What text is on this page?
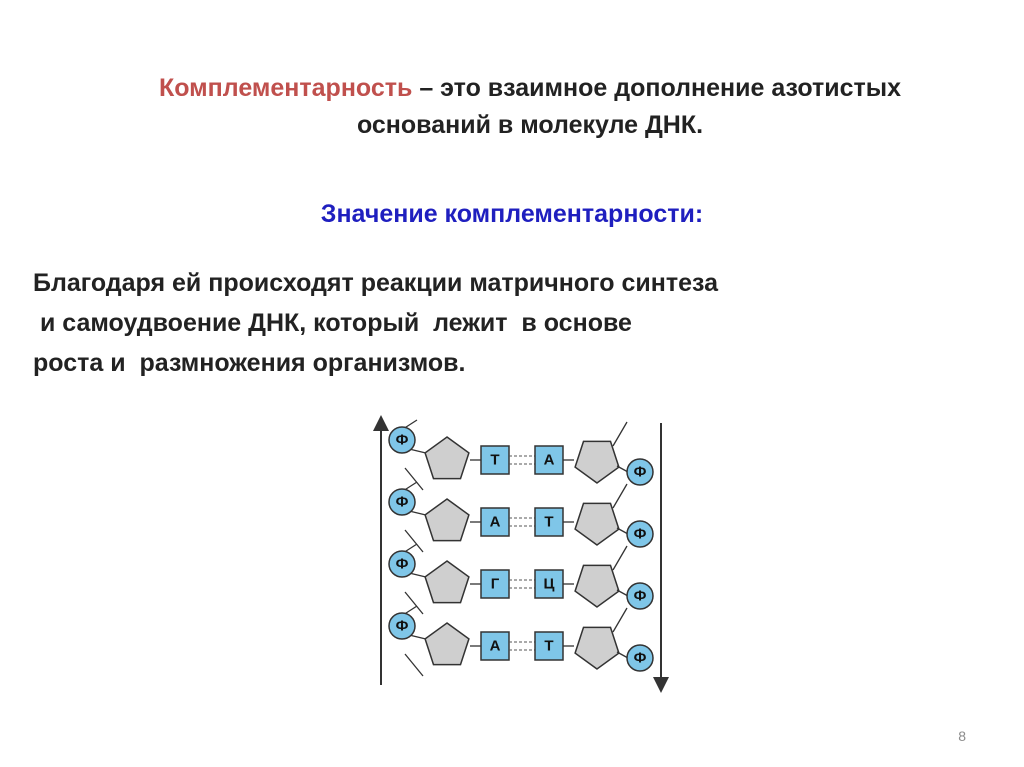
Комплементарность – это взаимное дополнение азотистых
оснований в молекуле ДНК.
Значение комплементарности:
Благодаря ей происходят реакции матричного синтеза
и самоудвоение ДНК, который  лежит  в основе
роста и  размножения организмов.
Ф
Т	А
Ф
Ф
А	Т
Ф
Ф
Г	Ц
Ф
Ф
А	Т
Ф
8
